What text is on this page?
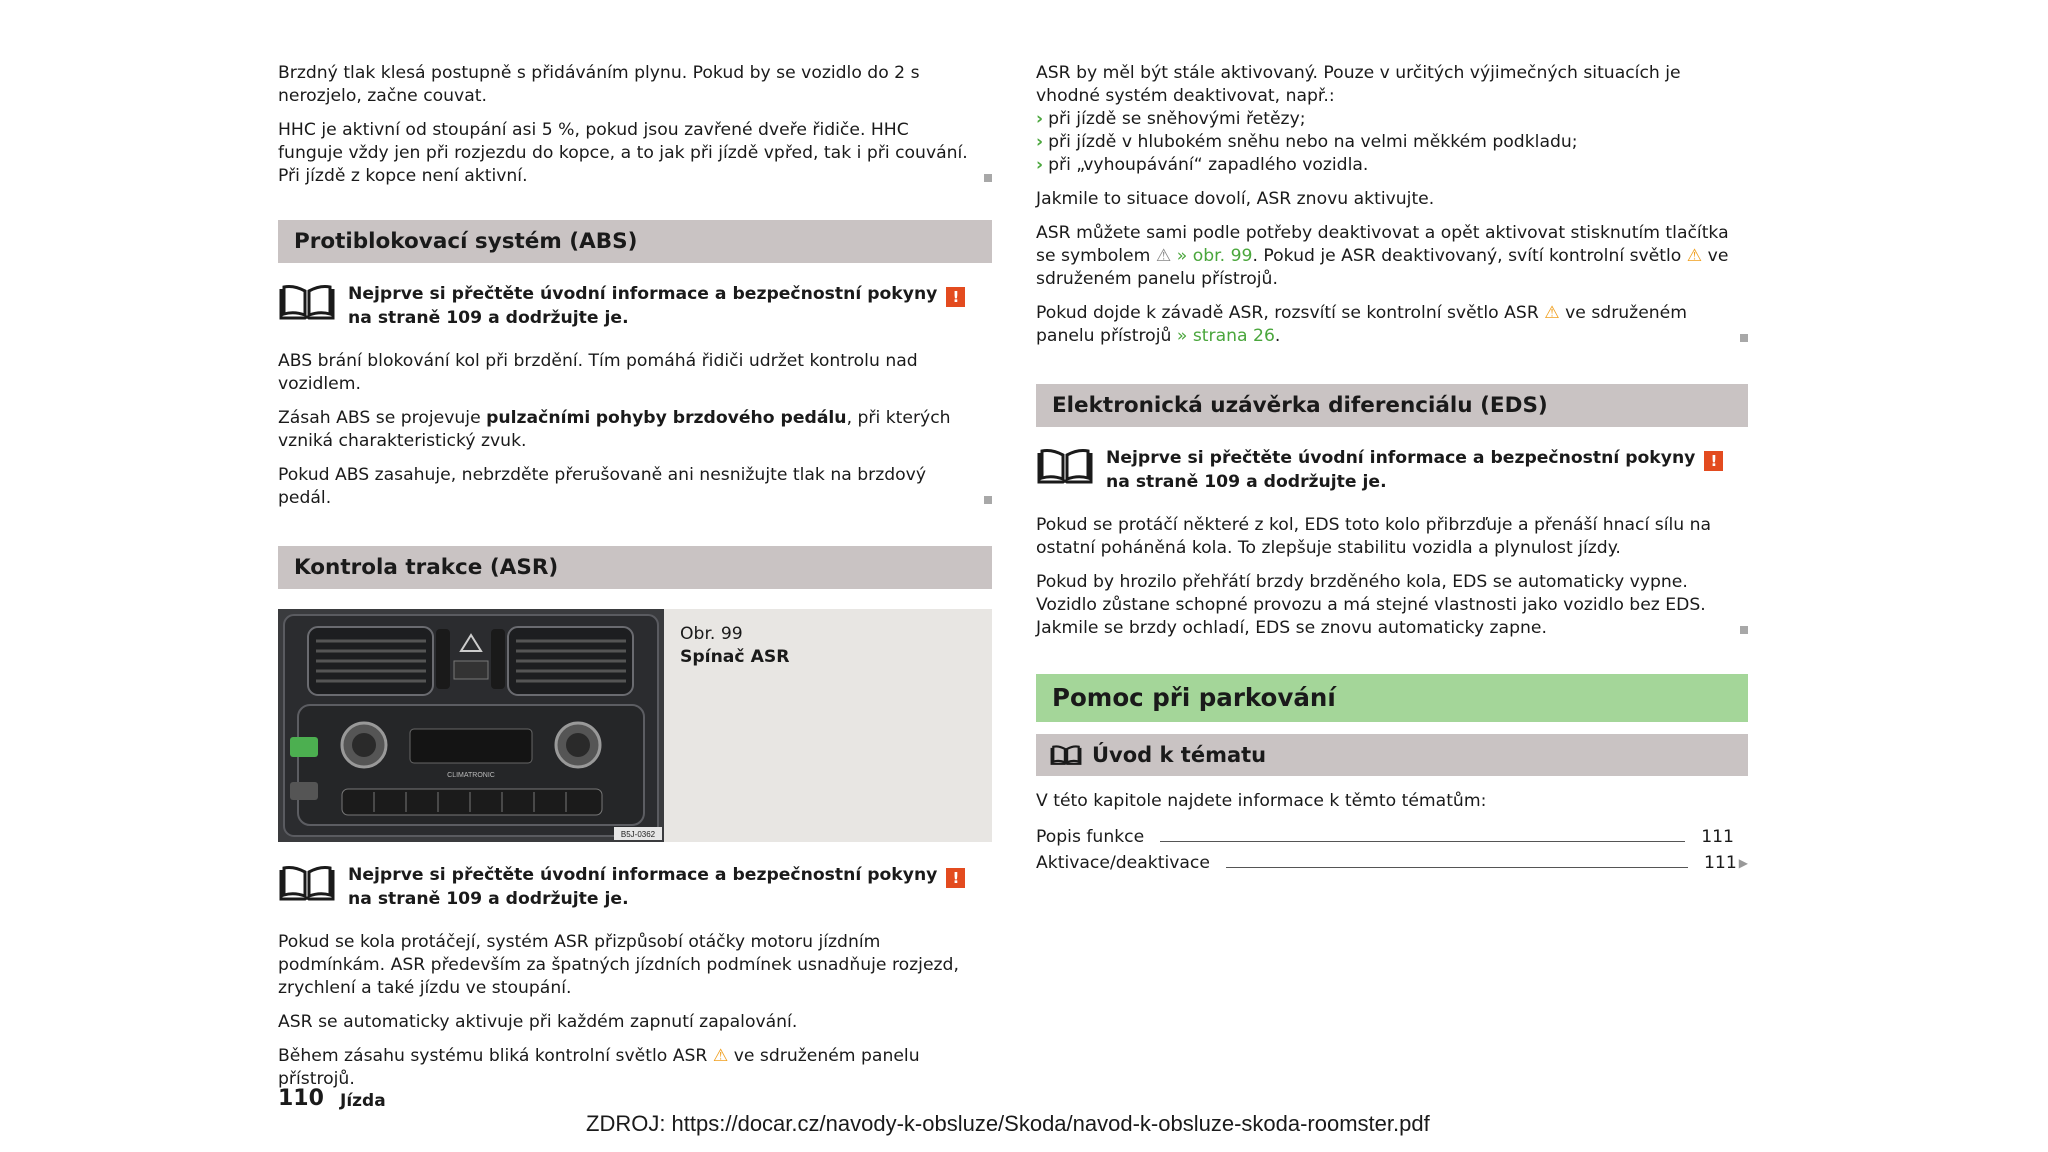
Brzdný tlak klesá postupně s přidáváním plynu. Pokud by se vozidlo do 2 s nerozjelo, začne couvat.

HHC je aktivní od stoupání asi 5 %, pokud jsou zavřené dveře řidiče. HHC funguje vždy jen při rozjezdu do kopce, a to jak při jízdě vpřed, tak i při couvání. Při jízdě z kopce není aktivní.

Protiblokovací systém (ABS)
Nejprve si přečtěte úvodní informace a bezpečnostní pokyny ! na straně 109 a dodržujte je.

ABS brání blokování kol při brzdění. Tím pomáhá řidiči udržet kontrolu nad vozidlem.

Zásah ABS se projevuje pulzačními pohyby brzdového pedálu, při kterých vzniká charakteristický zvuk.

Pokud ABS zasahuje, nebrzděte přerušovaně ani nesnižujte tlak na brzdový pedál.

Kontrola trakce (ASR)
CLIMATRONIC
B5J-0362
Obr. 99
Spínač ASR
Nejprve si přečtěte úvodní informace a bezpečnostní pokyny ! na straně 109 a dodržujte je.

Pokud se kola protáčejí, systém ASR přizpůsobí otáčky motoru jízdním podmínkám. ASR především za špatných jízdních podmínek usnadňuje rozjezd, zrychlení a také jízdu ve stoupání.

ASR se automaticky aktivuje při každém zapnutí zapalování.

Během zásahu systému bliká kontrolní světlo ASR ⚠ ve sdruženém panelu přístrojů.

ASR by měl být stále aktivovaný. Pouze v určitých výjimečných situacích je vhodné systém deaktivovat, např.:

› při jízdě se sněhovými řetězy;
› při jízdě v hlubokém sněhu nebo na velmi měkkém podkladu;
› při „vyhoupávání“ zapadlého vozidla.

Jakmile to situace dovolí, ASR znovu aktivujte.

ASR můžete sami podle potřeby deaktivovat a opět aktivovat stisknutím tlačítka se symbolem ⚠ » obr. 99. Pokud je ASR deaktivovaný, svítí kontrolní světlo ⚠ ve sdruženém panelu přístrojů.

Pokud dojde k závadě ASR, rozsvítí se kontrolní světlo ASR ⚠ ve sdruženém panelu přístrojů » strana 26.

Elektronická uzávěrka diferenciálu (EDS)
Nejprve si přečtěte úvodní informace a bezpečnostní pokyny ! na straně 109 a dodržujte je.

Pokud se protáčí některé z kol, EDS toto kolo přibrzďuje a přenáší hnací sílu na ostatní poháněná kola. To zlepšuje stabilitu vozidla a plynulost jízdy.

Pokud by hrozilo přehřátí brzdy brzděného kola, EDS se automaticky vypne. Vozidlo zůstane schopné provozu a má stejné vlastnosti jako vozidlo bez EDS. Jakmile se brzdy ochladí, EDS se znovu automaticky zapne.

Pomoc při parkování
Úvod k tématu

V této kapitole najdete informace k těmto tématům:

Popis funkce	111
Aktivace/deaktivace	111 ▶
110 Jízda
ZDROJ: https://docar.cz/navody-k-obsluze/Skoda/navod-k-obsluze-skoda-roomster.pdf
